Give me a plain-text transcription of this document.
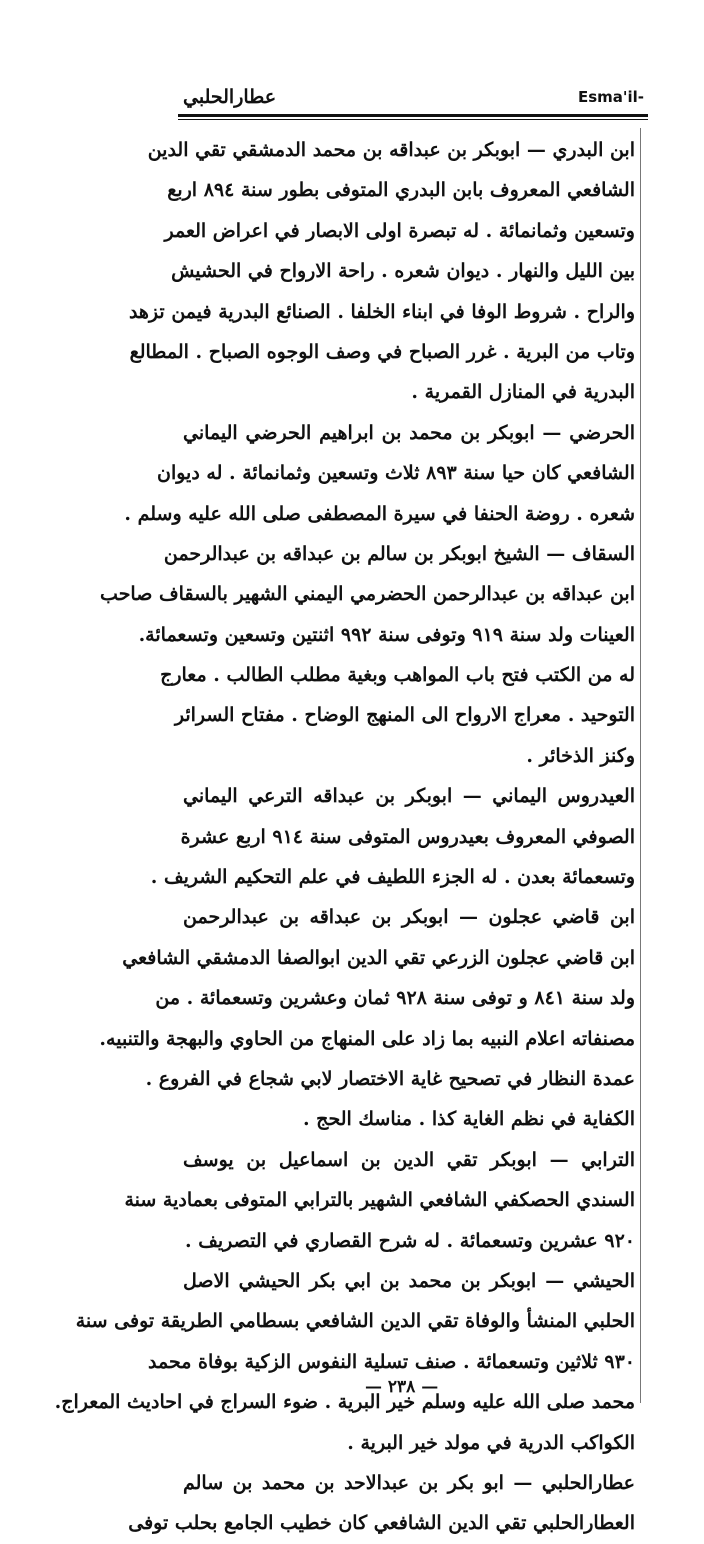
Esma'il-
عطارالحلبي
ابن البدري — ابوبكر بن عبداقه بن محمد الدمشقي تقي الدين
الشافعي المعروف بابن البدري المتوفى بطور سنة ٨٩٤ اربع
وتسعين وثمانمائة . له تبصرة اولى الابصار في اعراض العمر
بين الليل والنهار . ديوان شعره . راحة الارواح في الحشيش
والراح . شروط الوفا في ابناء الخلفا . الصنائع البدرية فيمن تزهد
وتاب من البرية . غرر الصباح في وصف الوجوه الصباح . المطالع
البدرية في المنازل القمرية .
الحرضي — ابوبكر بن محمد بن ابراهيم الحرضي اليماني
الشافعي كان حيا سنة ٨٩٣ ثلاث وتسعين وثمانمائة . له ديوان
شعره . روضة الحنفا في سيرة المصطفى صلى الله عليه وسلم .
السقاف — الشيخ ابوبكر بن سالم بن عبداقه بن عبدالرحمن
ابن عبداقه بن عبدالرحمن الحضرمي اليمني الشهير بالسقاف صاحب
العينات ولد سنة ٩١٩ وتوفى سنة ٩٩٢ اثنتين وتسعين وتسعمائة.
له من الكتب فتح باب المواهب وبغية مطلب الطالب . معارج
التوحيد . معراج الارواح الى المنهج الوضاح . مفتاح السرائر
وكنز الذخائر .
العيدروس اليماني — ابوبكر بن عبداقه الترعي اليماني
الصوفي المعروف بعيدروس المتوفى سنة ٩١٤ اربع عشرة
وتسعمائة بعدن . له الجزء اللطيف في علم التحكيم الشريف .
ابن قاضي عجلون — ابوبكر بن عبداقه بن عبدالرحمن
ابن قاضي عجلون الزرعي تقي الدين ابوالصفا الدمشقي الشافعي
ولد سنة ٨٤١ و توفى سنة ٩٢٨ ثمان وعشرين وتسعمائة . من
مصنفاته اعلام النبيه بما زاد على المنهاج من الحاوي والبهجة والتنبيه.
عمدة النظار في تصحيح غاية الاختصار لابي شجاع في الفروع .
الكفاية في نظم الغاية كذا . مناسك الحج .
الترابي — ابوبكر تقي الدين بن اسماعيل بن يوسف
السندي الحصكفي الشافعي الشهير بالترابي المتوفى بعمادية سنة
٩٢٠ عشرين وتسعمائة . له شرح القصاري في التصريف .
الحيشي — ابوبكر بن محمد بن ابي بكر الحيشي الاصل
الحلبي المنشأ والوفاة تقي الدين الشافعي بسطامي الطريقة توفى سنة
٩٣٠ ثلاثين وتسعمائة . صنف تسلية النفوس الزكية بوفاة محمد
محمد صلى الله عليه وسلم خير البرية . ضوء السراج في احاديث المعراج.
الكواكب الدرية في مولد خير البرية .
عطارالحلبي — ابو بكر بن عبدالاحد بن محمد بن سالم
العطارالحلبي تقي الدين الشافعي كان خطيب الجامع بحلب توفى
— ٢٣٨ —
